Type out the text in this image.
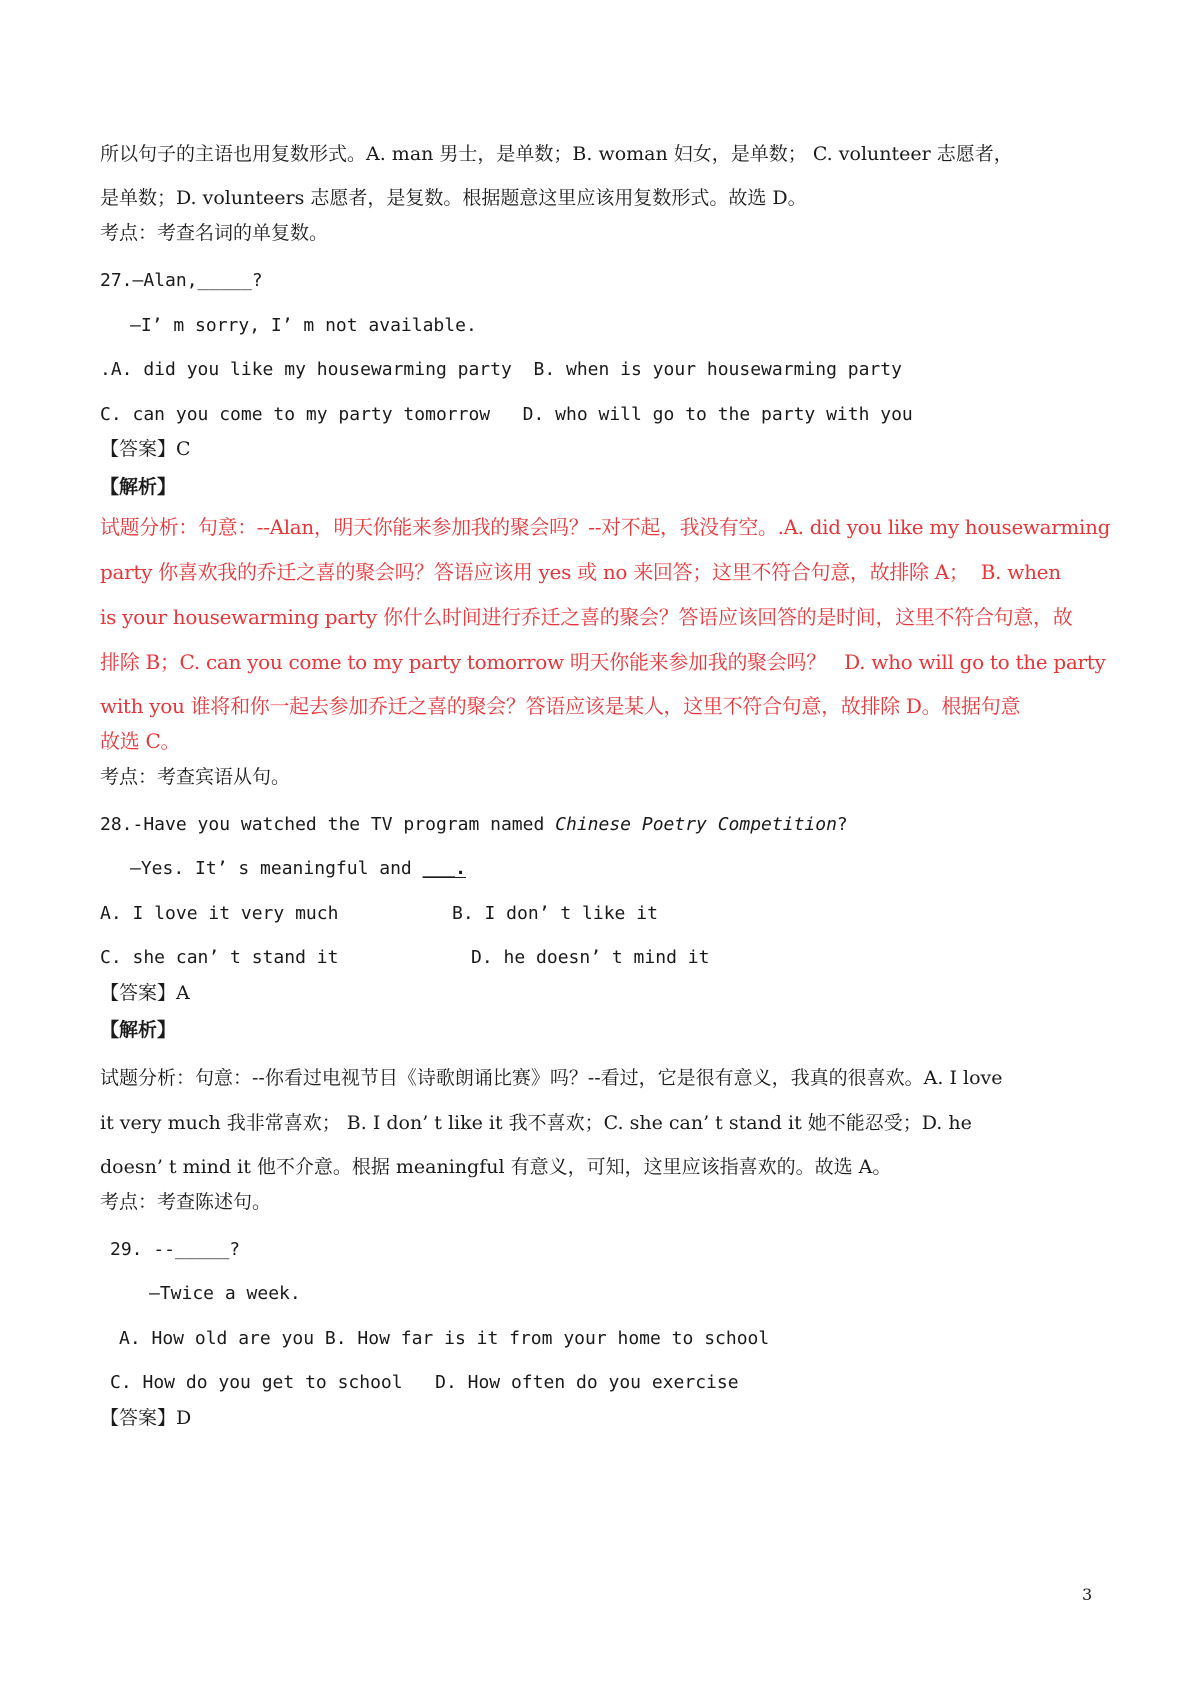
所以句子的主语也用复数形式。A. man 男士，是单数；B. woman 妇女，是单数； C. volunteer 志愿者，
是单数；D. volunteers 志愿者，是复数。根据题意这里应该用复数形式。故选 D。
考点：考查名词的单复数。
27.—Alan,_____?
—I’ m sorry, I’ m not available.
.A. did you like my housewarming party  B. when is your housewarming party
C. can you come to my party tomorrow   D. who will go to the party with you
【答案】C
【解析】
试题分析：句意：--Alan，明天你能来参加我的聚会吗？--对不起，我没有空。.A. did you like my housewarming
party 你喜欢我的乔迁之喜的聚会吗？答语应该用 yes 或 no 来回答；这里不符合句意，故排除 A；  B. when
is your housewarming party 你什么时间进行乔迁之喜的聚会？答语应该回答的是时间，这里不符合句意，故
排除 B；C. can you come to my party tomorrow 明天你能来参加我的聚会吗？   D. who will go to the party
with you 谁将和你一起去参加乔迁之喜的聚会？答语应该是某人，这里不符合句意，故排除 D。根据句意
故选 C。
考点：考查宾语从句。
28.-Have you watched the TV program named Chinese Poetry Competition?
—Yes. It’ s meaningful and ___.
A. I love it very much	B. I don’ t like it
C. she can’ t stand it	D. he doesn’ t mind it
【答案】A
【解析】
试题分析：句意：--你看过电视节目《诗歌朗诵比赛》吗？--看过，它是很有意义，我真的很喜欢。A. I love
it very much 我非常喜欢； B. I don’ t like it 我不喜欢；C. she can’ t stand it 她不能忍受；D. he
doesn’ t mind it 他不介意。根据 meaningful 有意义，可知，这里应该指喜欢的。故选 A。
考点：考查陈述句。
29. --_____?
—Twice a week.
A. How old are you B. How far is it from your home to school
C. How do you get to school   D. How often do you exercise
【答案】D
3
